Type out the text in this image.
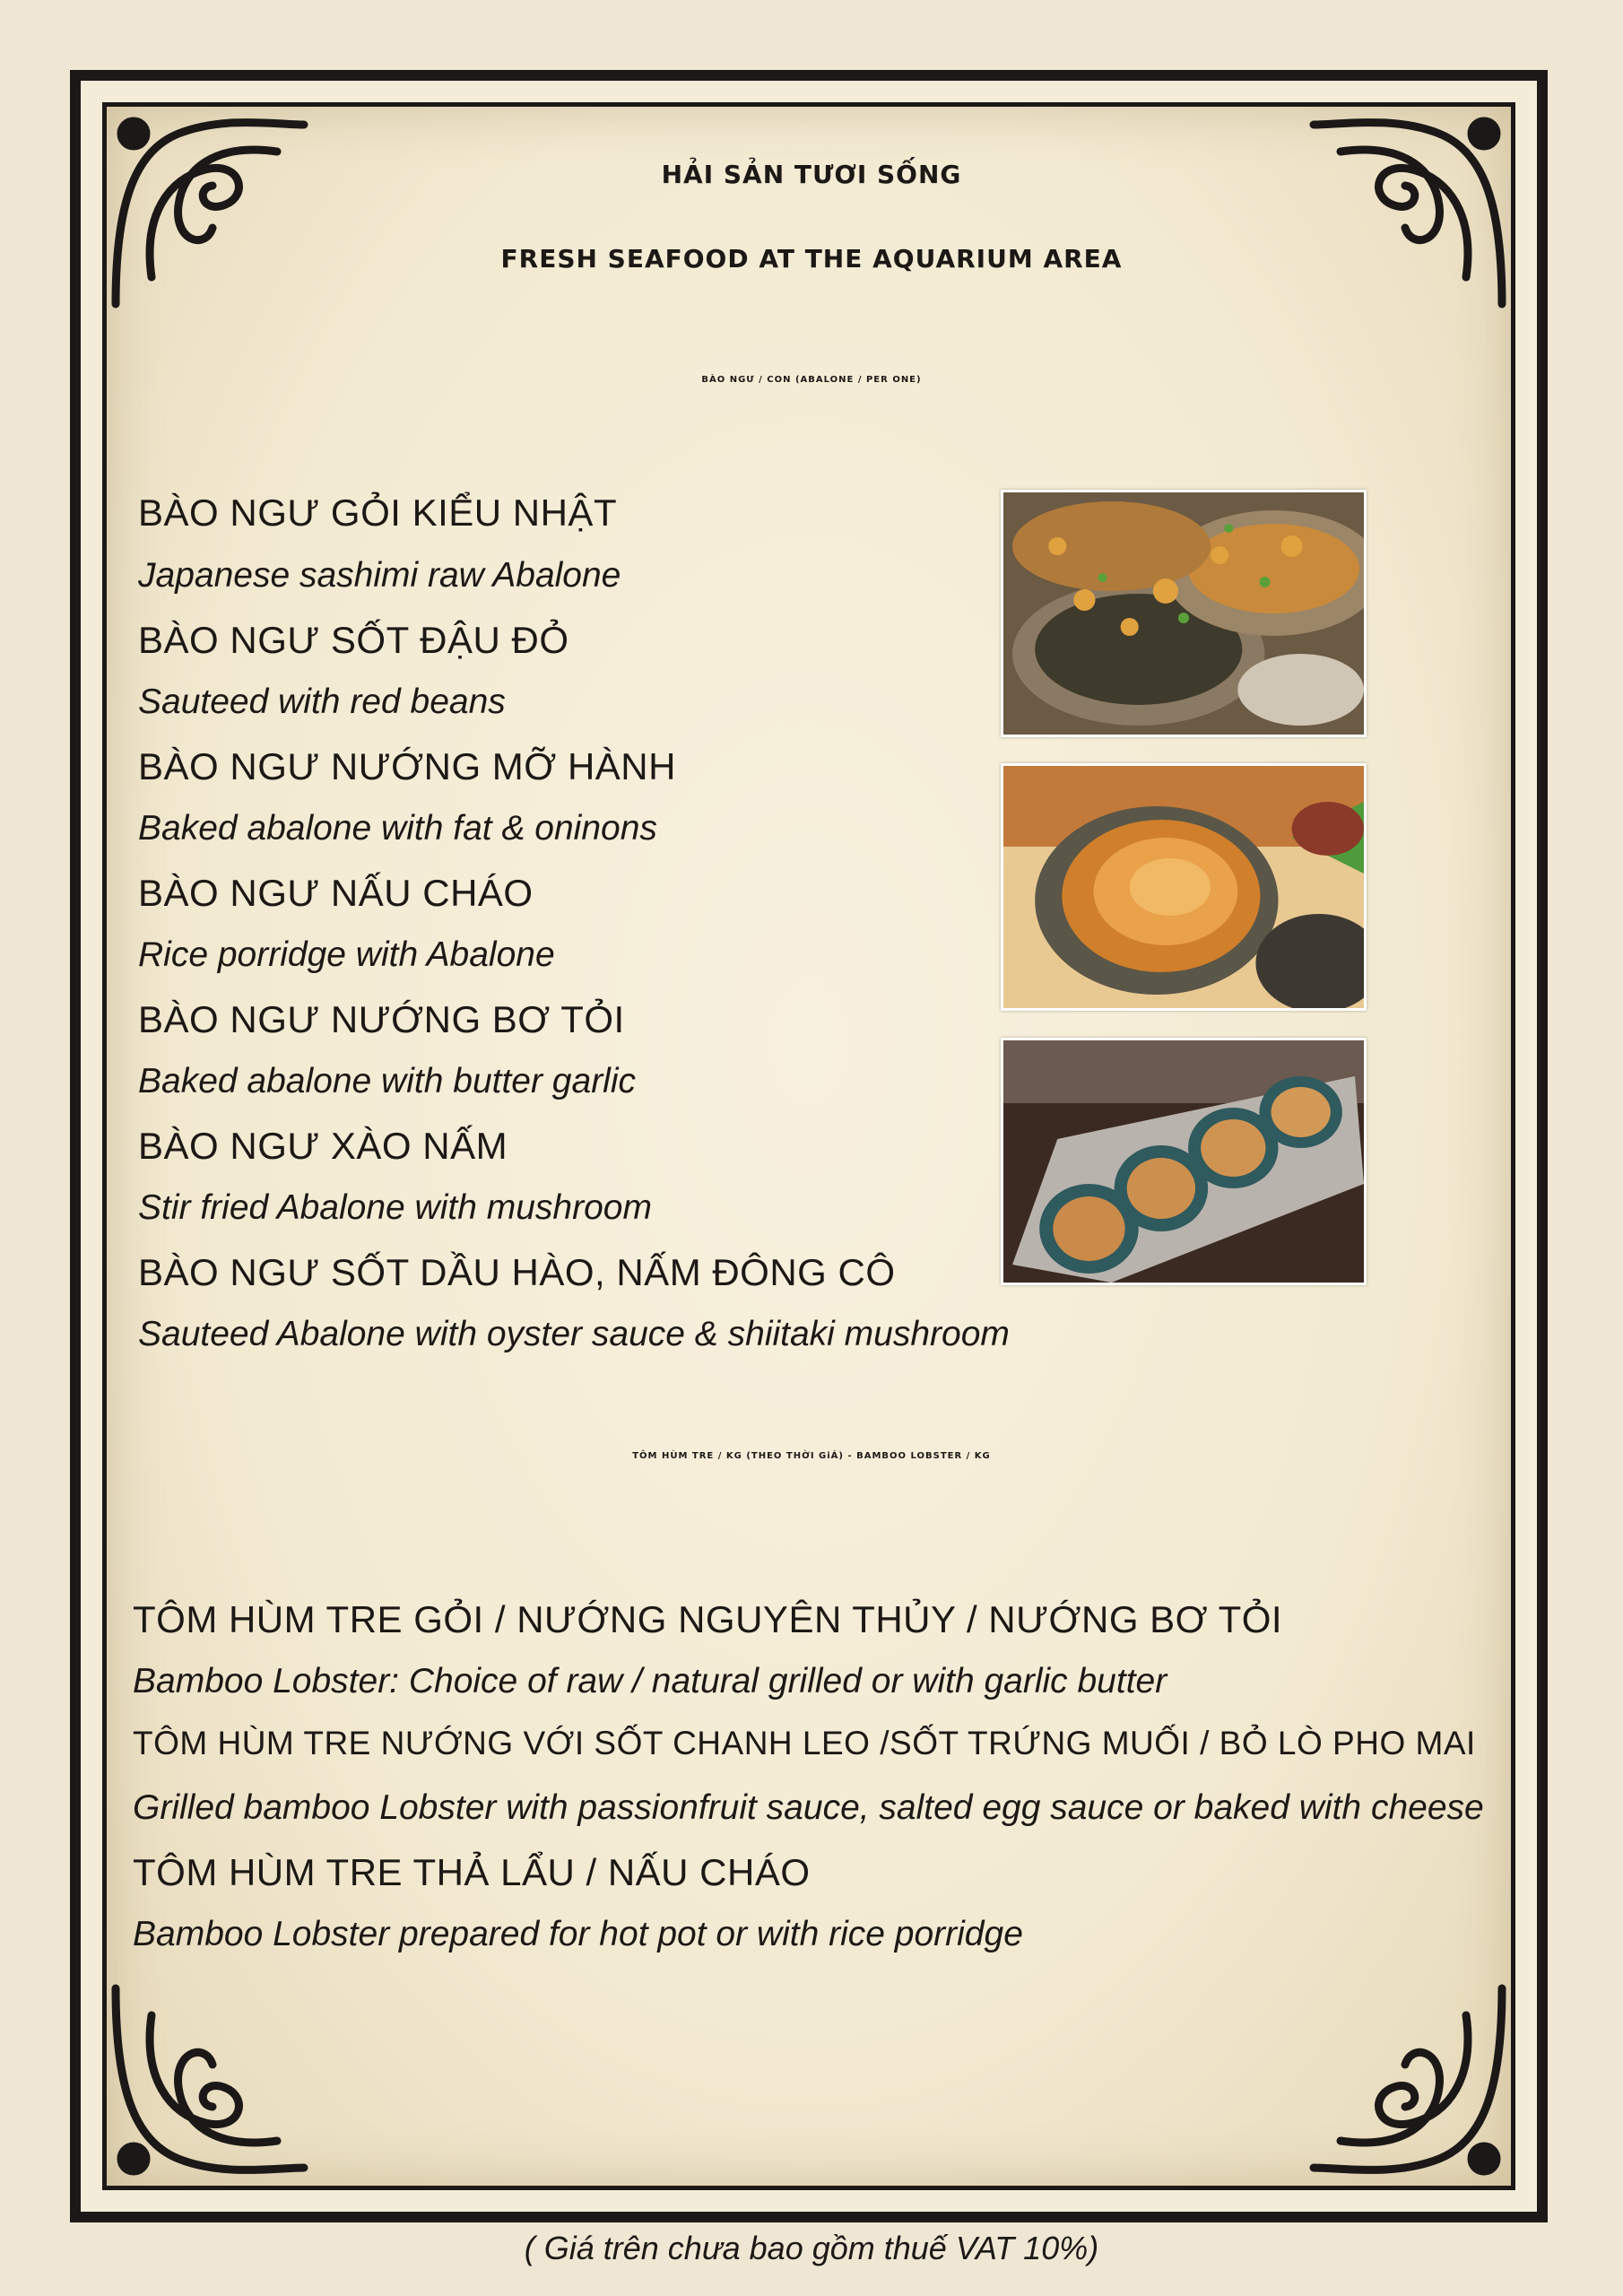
HẢI SẢN TƯƠI SỐNG
FRESH SEAFOOD AT THE AQUARIUM AREA
BÀO NGƯ / CON (ABALONE / PER ONE)
BÀO NGƯ GỎI KIỂU NHẬT
Japanese sashimi raw Abalone
BÀO NGƯ SỐT ĐẬU ĐỎ
Sauteed with red beans
BÀO NGƯ NƯỚNG MỠ HÀNH
Baked abalone with fat & oninons
BÀO NGƯ NẤU CHÁO
Rice porridge with Abalone
BÀO NGƯ NƯỚNG BƠ TỎI
Baked abalone with butter garlic
BÀO NGƯ XÀO NẤM
Stir fried Abalone with mushroom
BÀO NGƯ SỐT DẦU HÀO, NẤM ĐÔNG CÔ
Sauteed Abalone with oyster sauce & shiitaki mushroom
TÔM HÙM TRE / KG (THEO THỜI GiÁ) - BAMBOO LOBSTER / KG
TÔM HÙM TRE GỎI / NƯỚNG NGUYÊN THỦY / NƯỚNG BƠ TỎI
Bamboo Lobster: Choice of raw / natural grilled or with garlic butter
TÔM HÙM TRE NƯỚNG VỚI SỐT CHANH LEO /SỐT TRỨNG MUỐI / BỎ LÒ PHO MAI
Grilled bamboo Lobster with passionfruit sauce, salted egg sauce or baked with cheese
TÔM HÙM TRE THẢ LẨU / NẤU CHÁO
Bamboo Lobster prepared for hot pot or with rice porridge
( Giá trên chưa bao gồm thuế VAT 10%)
